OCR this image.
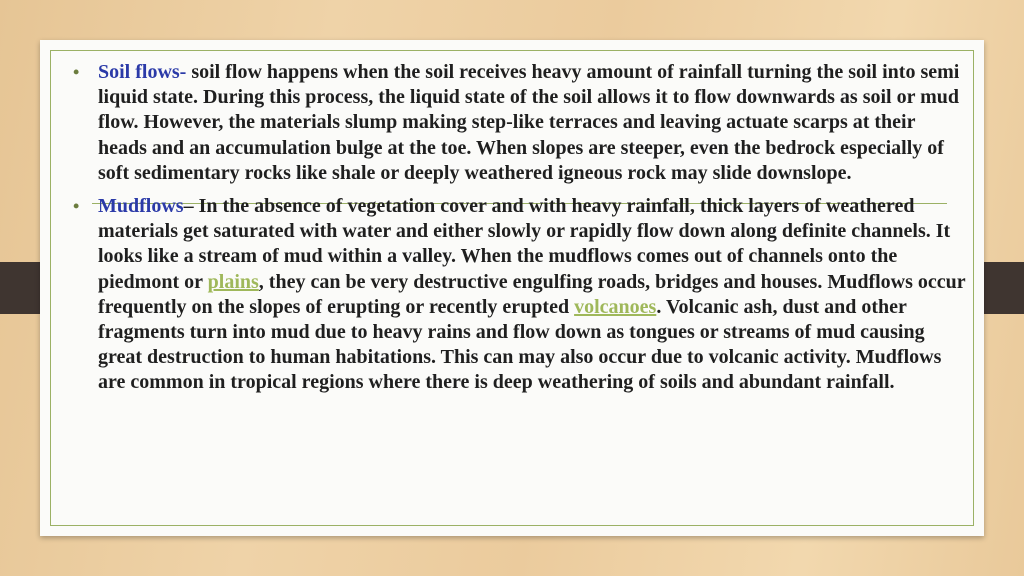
• Soil flows- soil flow happens when the soil receives heavy amount of rainfall turning the soil into semi liquid state. During this process, the liquid state of the soil allows it to flow downwards as soil or mud flow. However, the materials slump making step-like terraces and leaving actuate scarps at their heads and an accumulation bulge at the toe. When slopes are steeper, even the bedrock especially of soft sedimentary rocks like shale or deeply weathered igneous rock may slide downslope.
• Mudflows– In the absence of vegetation cover and with heavy rainfall, thick layers of weathered materials get saturated with water and either slowly or rapidly flow down along definite channels. It looks like a stream of mud within a valley. When the mudflows comes out of channels onto the piedmont or plains, they can be very destructive engulfing roads, bridges and houses. Mudflows occur frequently on the slopes of erupting or recently erupted volcanoes. Volcanic ash, dust and other fragments turn into mud due to heavy rains and flow down as tongues or streams of mud causing great destruction to human habitations. This can may also occur due to volcanic activity. Mudflows are common in tropical regions where there is deep weathering of soils and abundant rainfall.
